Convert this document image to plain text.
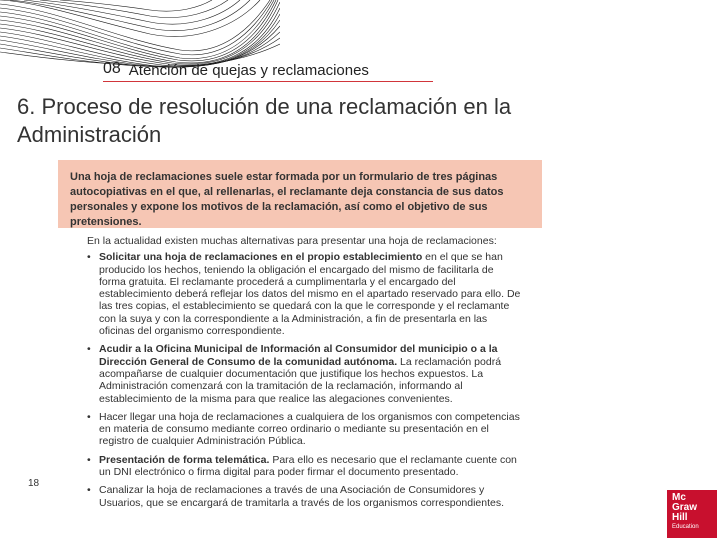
08 Atención de quejas y reclamaciones
6. Proceso de resolución de una reclamación en la Administración
Una hoja de reclamaciones suele estar formada por un formulario de tres páginas autocopiativas en el que, al rellenarlas, el reclamante deja constancia de sus datos personales y expone los motivos de la reclamación, así como el objetivo de sus pretensiones.

En la actualidad existen muchas alternativas para presentar una hoja de reclamaciones:

• Solicitar una hoja de reclamaciones en el propio establecimiento en el que se han producido los hechos, teniendo la obligación el encargado del mismo de facilitarla de forma gratuita. El reclamante procederá a cumplimentarla y el encargado del establecimiento deberá reflejar los datos del mismo en el apartado reservado para ello. De las tres copias, el establecimiento se quedará con la que le corresponde y el reclamante con la suya y con la correspondiente a la Administración, a fin de presentarla en las oficinas del organismo correspondiente.
• Acudir a la Oficina Municipal de Información al Consumidor del municipio o a la Dirección General de Consumo de la comunidad autónoma. La reclamación podrá acompañarse de cualquier documentación que justifique los hechos expuestos. La Administración comenzará con la tramitación de la reclamación, informando al establecimiento de la misma para que realice las alegaciones convenientes.
• Hacer llegar una hoja de reclamaciones a cualquiera de los organismos con competencias en materia de consumo mediante correo ordinario o mediante su presentación en el registro de cualquier Administración Pública.
• Presentación de forma telemática. Para ello es necesario que el reclamante cuente con un DNI electrónico o firma digital para poder firmar el documento presentado.
• Canalizar la hoja de reclamaciones a través de una Asociación de Consumidores y Usuarios, que se encargará de tramitarla a través de los organismos correspondientes.
18
Mc
Graw
Hill
Education
